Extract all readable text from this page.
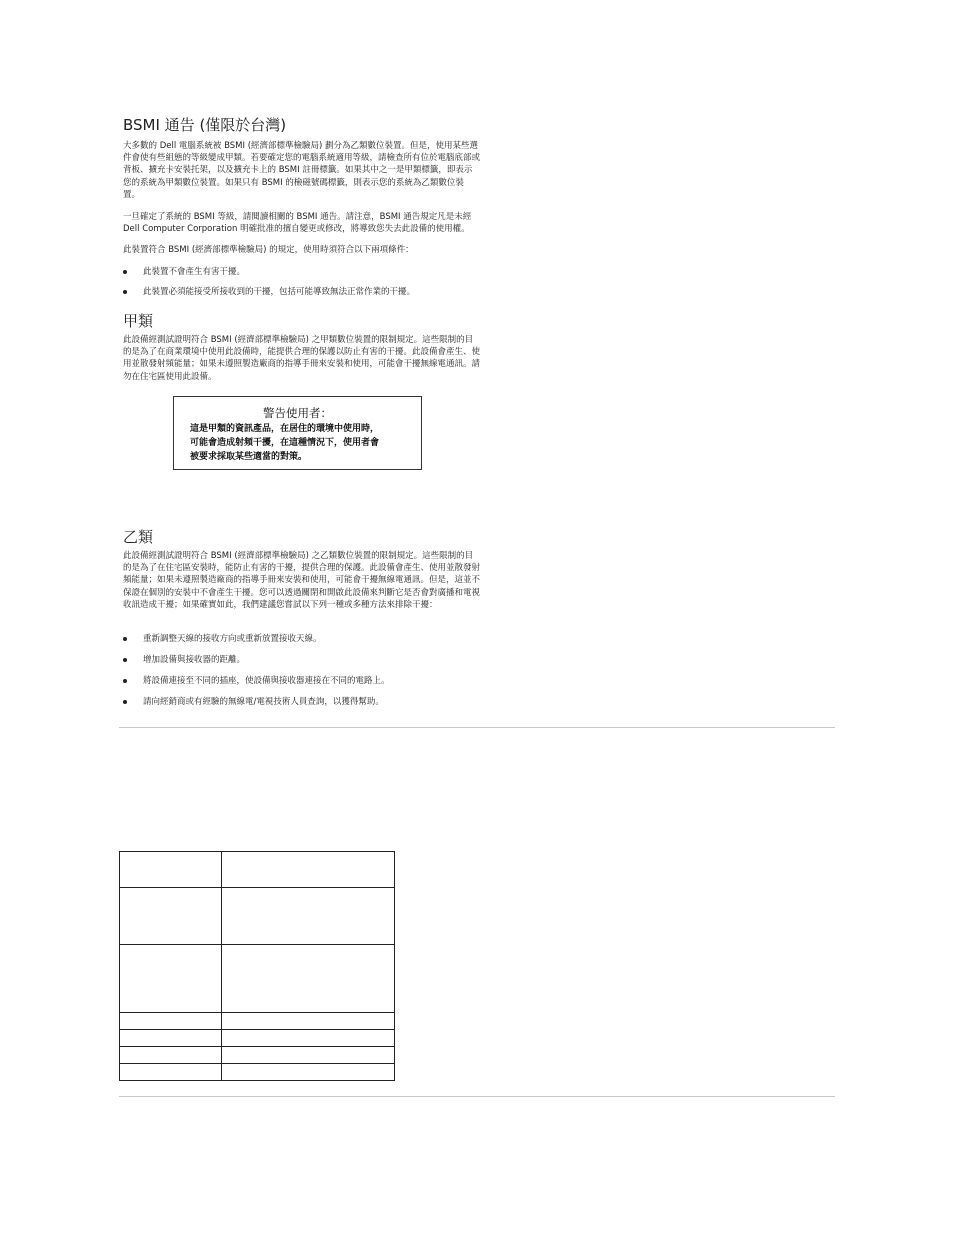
BSMI 通告 (僅限於台灣)

大多數的 Dell 電腦系統被 BSMI (經濟部標準檢驗局) 劃分為乙類數位裝置。但是，使用某些選件會使有些組態的等級變成甲類。若要確定您的電腦系統適用等級，請檢查所有位於電腦底部或背板、擴充卡安裝托架，以及擴充卡上的 BSMI 註冊標籤。如果其中之一是甲類標籤，即表示您的系統為甲類數位裝置。如果只有 BSMI 的檢磁號碼標籤，則表示您的系統為乙類數位裝置。

一旦確定了系統的 BSMI 等級，請閱讀相關的 BSMI 通告。請注意，BSMI 通告規定凡是未經 Dell Computer Corporation 明確批准的擅自變更或修改，將導致您失去此設備的使用權。

此裝置符合 BSMI (經濟部標準檢驗局) 的規定，使用時須符合以下兩項條件：

此裝置不會產生有害干擾。
此裝置必須能接受所接收到的干擾，包括可能導致無法正常作業的干擾。
甲類

此設備經測試證明符合 BSMI (經濟部標準檢驗局) 之甲類數位裝置的限制規定。這些限制的目的是為了在商業環境中使用此設備時，能提供合理的保護以防止有害的干擾。此設備會產生、使用並散發射頻能量；如果未遵照製造廠商的指導手冊來安裝和使用，可能會干擾無線電通訊。請勿在住宅區使用此設備。

警告使用者：
這是甲類的資訊產品，在居住的環境中使用時，
可能會造成射頻干擾，在這種情況下，使用者會
被要求採取某些適當的對策。
乙類

此設備經測試證明符合 BSMI (經濟部標準檢驗局) 之乙類數位裝置的限制規定。這些限制的目的是為了在住宅區安裝時，能防止有害的干擾，提供合理的保護。此設備會產生、使用並散發射頻能量；如果未遵照製造廠商的指導手冊來安裝和使用，可能會干擾無線電通訊。但是，這並不保證在個別的安裝中不會產生干擾。您可以透過關閉和開啟此設備來判斷它是否會對廣播和電視收訊造成干擾；如果確實如此，我們建議您嘗試以下列一種或多種方法來排除干擾：

重新調整天線的接收方向或重新放置接收天線。
增加設備與接收器的距離。
將設備連接至不同的插座，使設備與接收器連接在不同的電路上。
請向經銷商或有經驗的無線電/電視技術人員查詢，以獲得幫助。
